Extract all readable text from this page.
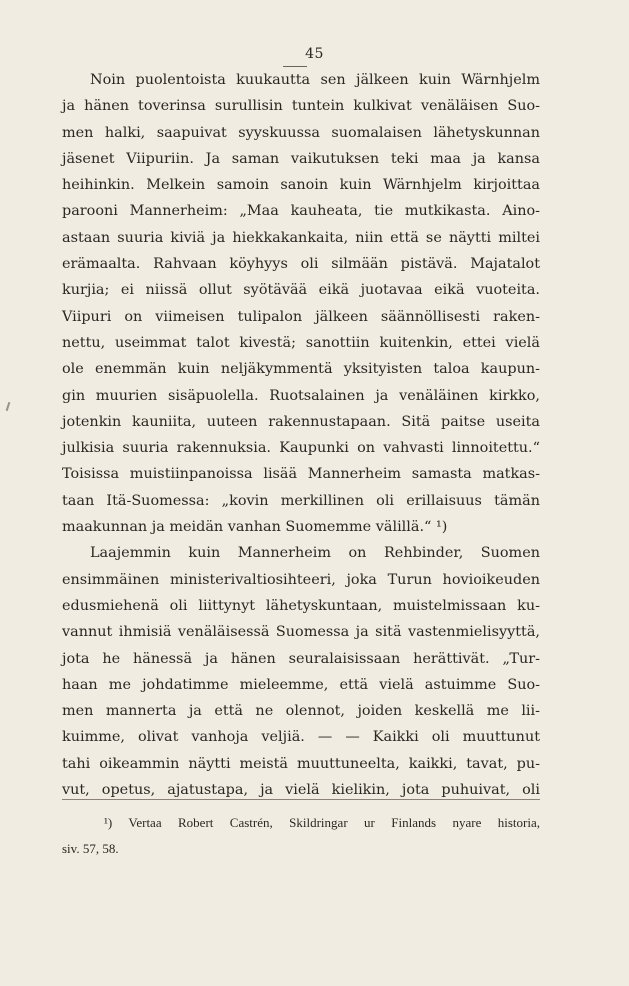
45
Noin puolentoista kuukautta sen jälkeen kuin Wärnhjelm
ja hänen toverinsa surullisin tuntein kulkivat venäläisen Suo-
men halki, saapuivat syyskuussa suomalaisen lähetyskunnan
jäsenet Viipuriin. Ja saman vaikutuksen teki maa ja kansa
heihinkin. Melkein samoin sanoin kuin Wärnhjelm kirjoittaa
parooni Mannerheim: „Maa kauheata, tie mutkikasta. Aino-
astaan suuria kiviä ja hiekkakankaita, niin että se näytti miltei
erämaalta. Rahvaan köyhyys oli silmään pistävä. Majatalot
kurjia; ei niissä ollut syötävää eikä juotavaa eikä vuoteita.
Viipuri on viimeisen tulipalon jälkeen säännöllisesti raken-
nettu, useimmat talot kivestä; sanottiin kuitenkin, ettei vielä
ole enemmän kuin neljäkymmentä yksityisten taloa kaupun-
gin muurien sisäpuolella. Ruotsalainen ja venäläinen kirkko,
jotenkin kauniita, uuteen rakennustapaan. Sitä paitse useita
julkisia suuria rakennuksia. Kaupunki on vahvasti linnoitettu.“
Toisissa muistiinpanoissa lisää Mannerheim samasta matkas-
taan Itä-Suomessa: „kovin merkillinen oli erillaisuus tämän
maakunnan ja meidän vanhan Suomemme välillä.“ ¹)
Laajemmin kuin Mannerheim on Rehbinder, Suomen
ensimmäinen ministerivaltiosihteeri, joka Turun hovioikeuden
edusmiehenä oli liittynyt lähetyskuntaan, muistelmissaan ku-
vannut ihmisiä venäläisessä Suomessa ja sitä vastenmielisyyttä,
jota he hänessä ja hänen seuralaisissaan herättivät. „Tur-
haan me johdatimme mieleemme, että vielä astuimme Suo-
men mannerta ja että ne olennot, joiden keskellä me lii-
kuimme, olivat vanhoja veljiä. — — Kaikki oli muuttunut
tahi oikeammin näytti meistä muuttuneelta, kaikki, tavat, pu-
vut, opetus, ajatustapa, ja vielä kielikin, jota puhuivat, oli
¹) Vertaa Robert Castrén, Skildringar ur Finlands nyare historia,
siv. 57, 58.
